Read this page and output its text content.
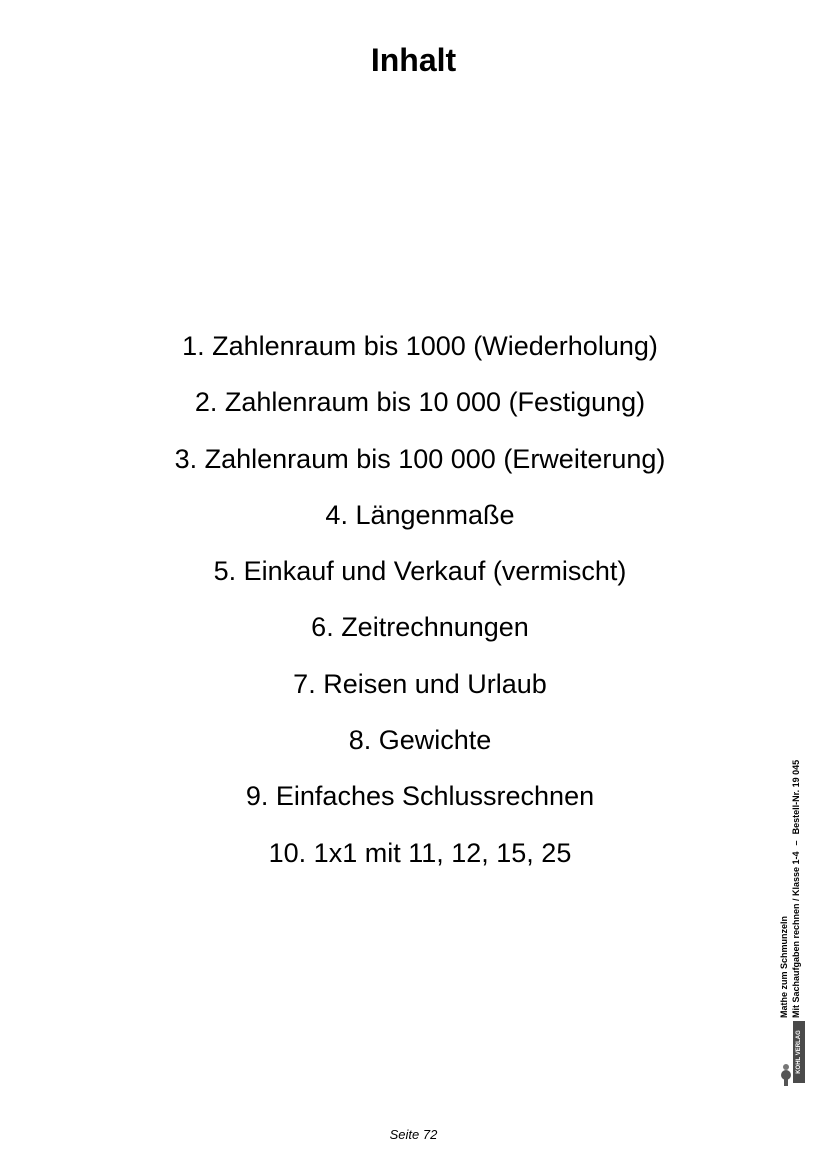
Inhalt
1. Zahlenraum bis 1000 (Wiederholung)
2. Zahlenraum bis 10 000 (Festigung)
3. Zahlenraum bis 100 000 (Erweiterung)
4. Längenmaße
5. Einkauf und Verkauf (vermischt)
6. Zeitrechnungen
7. Reisen und Urlaub
8. Gewichte
9. Einfaches Schlussrechnen
10. 1x1 mit 11, 12, 15, 25
Mathe zum Schmunzeln Mit Sachaufgaben rechnen / Klasse 1-4–Bestell-Nr. 19 045
KOHL VERLAG
Seite 72
